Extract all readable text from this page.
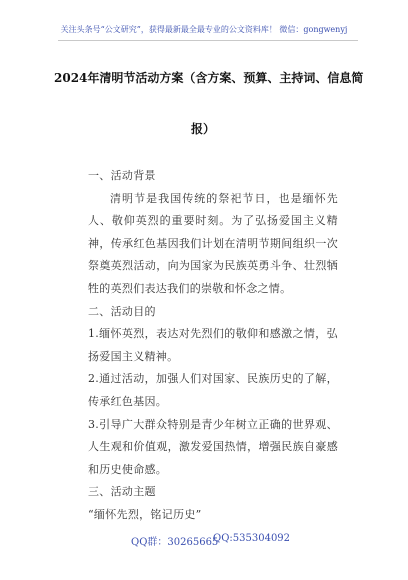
关注头条号“公文研究”，获得最新最全最专业的公文资料库！ 微信：gongwenyj
2024年清明节活动方案（含方案、预算、主持词、信息简
报）

一、活动背景

清明节是我国传统的祭祀节日，也是缅怀先人、敬仰英烈的重要时刻。为了弘扬爱国主义精神，传承红色基因我们计划在清明节期间组织一次祭奠英烈活动，向为国家为民族英勇斗争、壮烈牺牲的英烈们表达我们的崇敬和怀念之情。

二、活动目的

1.缅怀英烈，表达对先烈们的敬仰和感激之情，弘扬爱国主义精神。

2.通过活动，加强人们对国家、民族历史的了解，传承红色基因。

3.引导广大群众特别是青少年树立正确的世界观、人生观和价值观，激发爱国热情，增强民族自豪感和历史使命感。

三、活动主题

“缅怀先烈，铭记历史”

QQ群：30265665
QQ:535304092
